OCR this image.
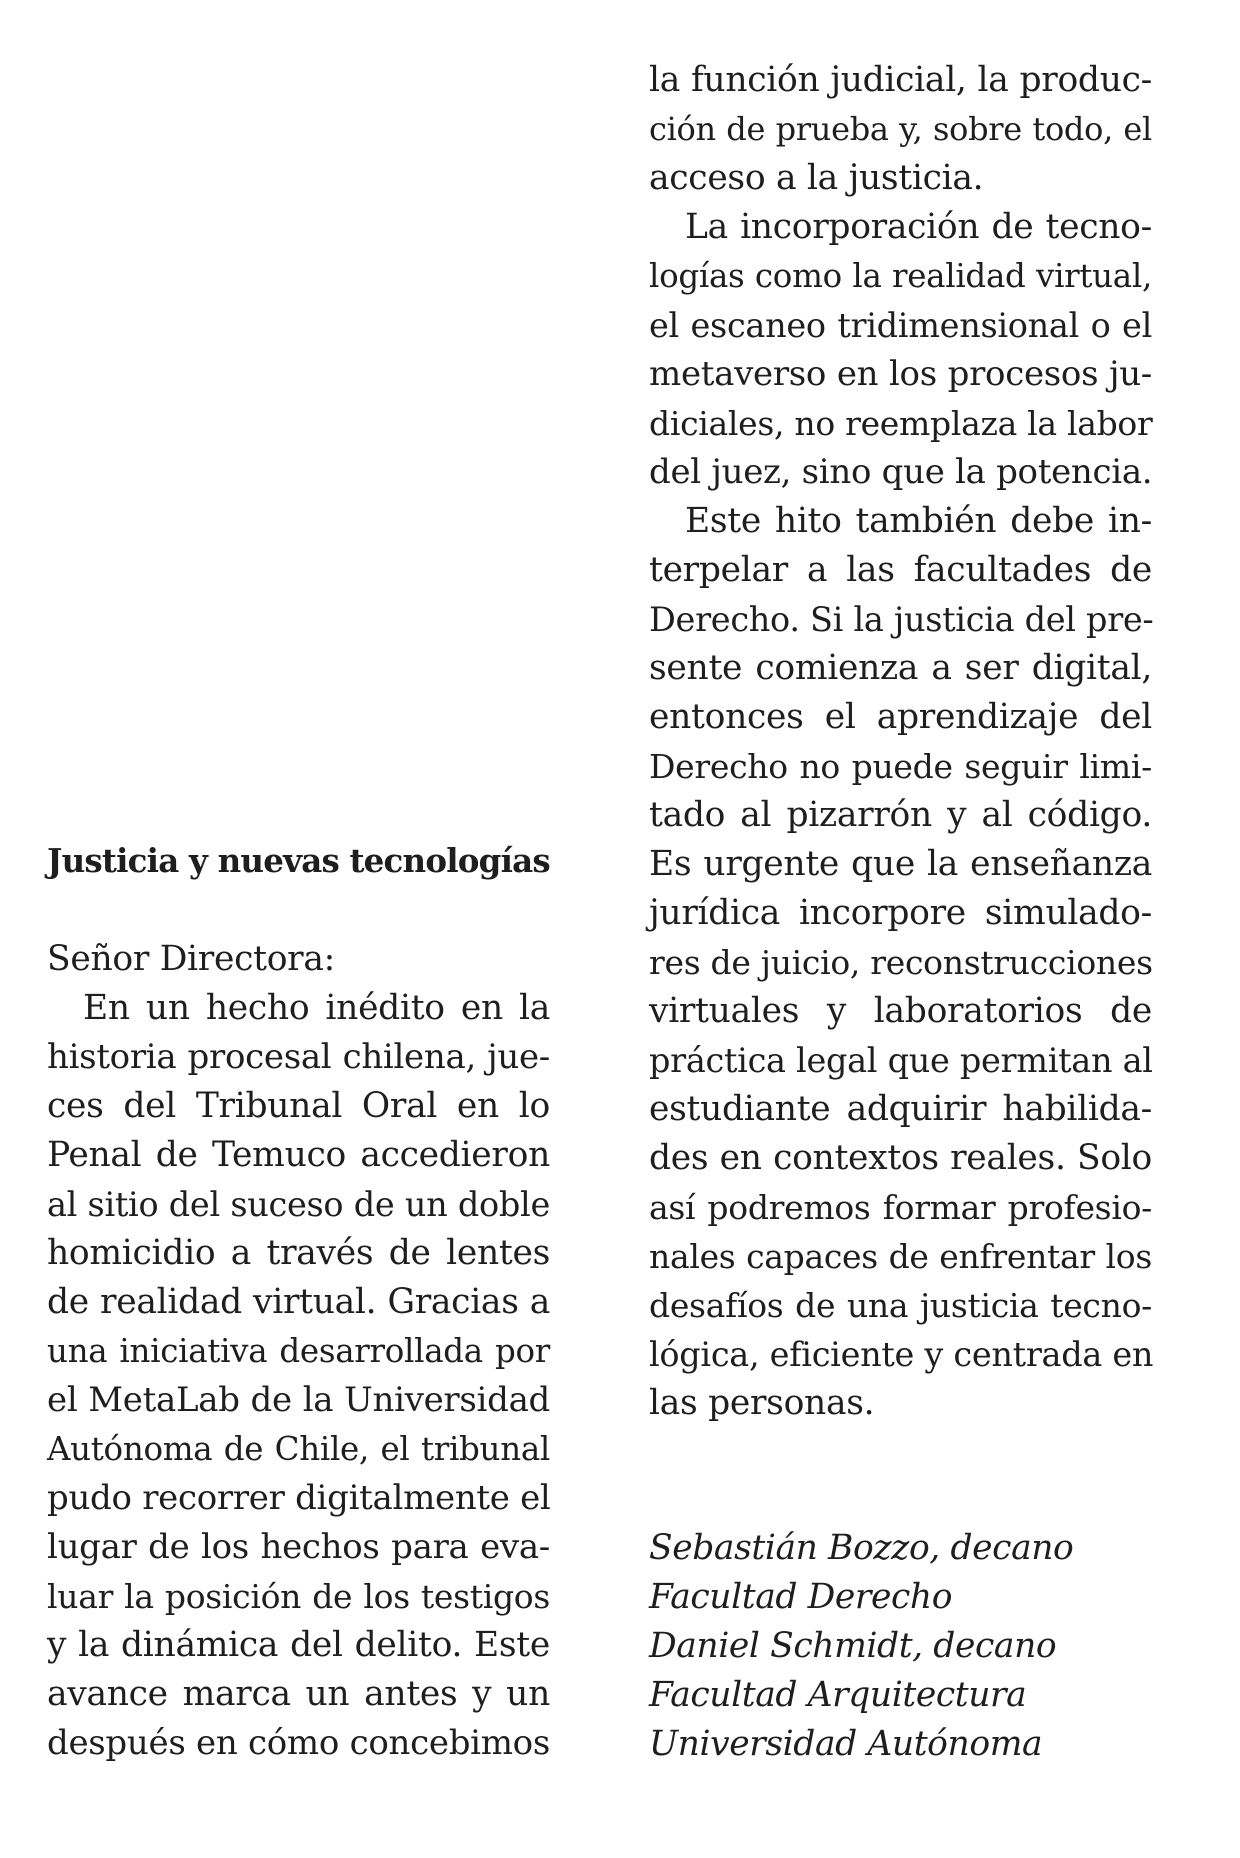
Justicia y nuevas tecnologías
Señor Directora:
En un hecho inédito en la
historia procesal chilena, jue-
ces del Tribunal Oral en lo
Penal de Temuco accedieron
al sitio del suceso de un doble
homicidio a través de lentes
de realidad virtual. Gracias a
una iniciativa desarrollada por
el MetaLab de la Universidad
Autónoma de Chile, el tribunal
pudo recorrer digitalmente el
lugar de los hechos para eva-
luar la posición de los testigos
y la dinámica del delito. Este
avance marca un antes y un
después en cómo concebimos
la función judicial, la produc-
ción de prueba y, sobre todo, el
acceso a la justicia.
La incorporación de tecno-
logías como la realidad virtual,
el escaneo tridimensional o el
metaverso en los procesos ju-
diciales, no reemplaza la labor
del juez, sino que la potencia.
Este hito también debe in-
terpelar a las facultades de
Derecho. Si la justicia del pre-
sente comienza a ser digital,
entonces el aprendizaje del
Derecho no puede seguir limi-
tado al pizarrón y al código.
Es urgente que la enseñanza
jurídica incorpore simulado-
res de juicio, reconstrucciones
virtuales y laboratorios de
práctica legal que permitan al
estudiante adquirir habilida-
des en contextos reales. Solo
así podremos formar profesio-
nales capaces de enfrentar los
desafíos de una justicia tecno-
lógica, eficiente y centrada en
las personas.
Sebastián Bozzo, decano
Facultad Derecho
Daniel Schmidt, decano
Facultad Arquitectura
Universidad Autónoma
